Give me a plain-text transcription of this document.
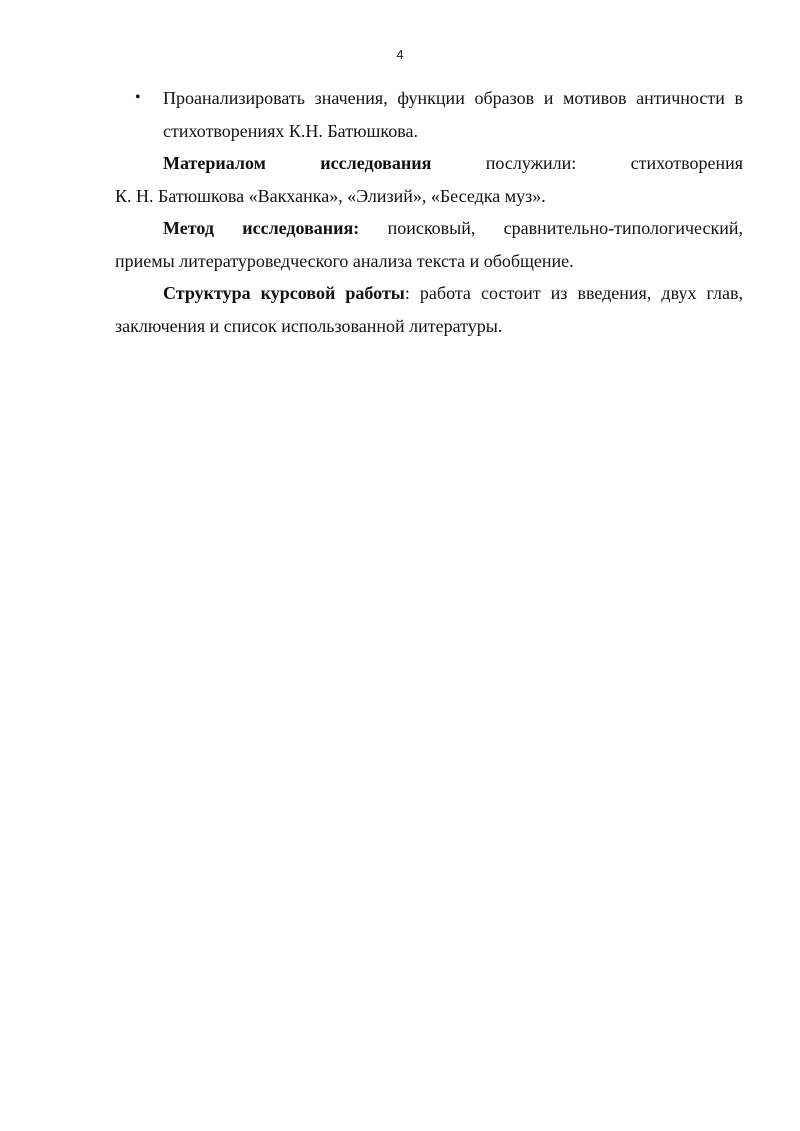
4
• Проанализировать значения, функции образов и мотивов античности в
стихотворениях К.Н. Батюшкова.
Материалом исследования послужили: стихотворения
К. Н. Батюшкова «Вакханка», «Элизий», «Беседка муз».
Метод исследования: поисковый, сравнительно-типологический,
приемы литературоведческого анализа текста и обобщение.
Структура курсовой работы: работа состоит из введения, двух глав,
заключения и список использованной литературы.
